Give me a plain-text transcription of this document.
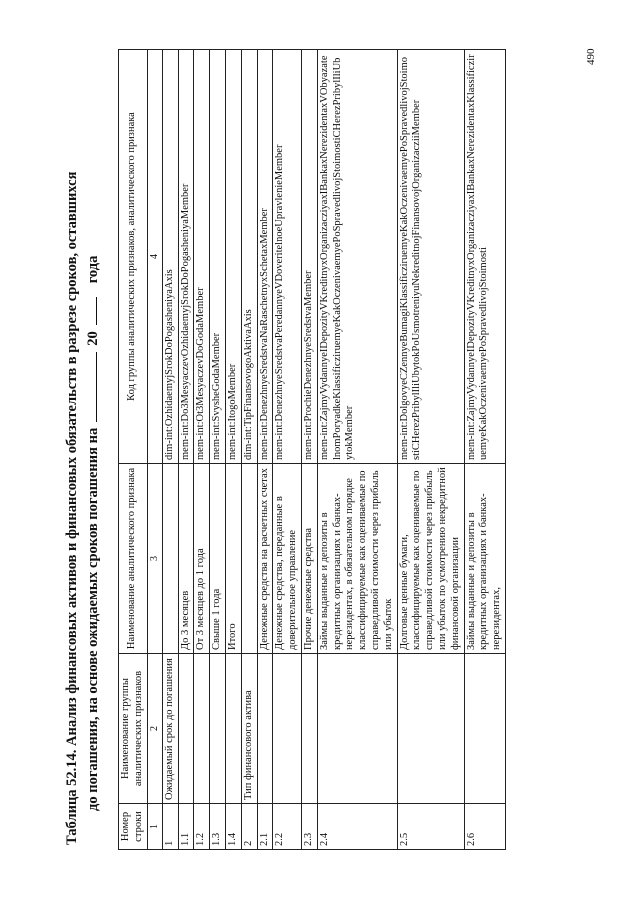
Таблица 52.14. Анализ финансовых активов и финансовых обязательств в разрезе сроков, оставшихся до погашения, на основе ожидаемых сроков погашения на20года
Номер строки	Наименование группы аналитических признаков	Наименование аналитического признака	Код группы аналитических признаков, аналитического признака
1	2	3	4
1	Ожидаемый срок до погашения		dim-int:OzhidaemyjSrokDoPogasheniyaAxis
1.1		До 3 месяцев	mem-int:Do3MesyaczevOzhidaemyjSrokDoPogasheniyaMember
1.2		От 3 месяцев до 1 года	mem-int:Ot3MesyaczevDoGodaMember
1.3		Свыше 1 года	mem-int:SvysheGodaMember
1.4		Итого	mem-int:ItogoMember
2	Тип финансового актива		dim-int:TipFinansovogoAktivaAxis
2.1		Денежные средства на расчетных счетах	mem-int:DenezhnyeSredstvaNaRaschetnyxSchetaxMember
2.2		Денежные средства, переданные в доверительное управление	mem-int:DenezhnyeSredstvaPeredannyeVDoveritelnoeUpravlenieMember
2.3		Прочие денежные средства	mem-int:ProchieDenezhnyeSredstvaMember
2.4		Займы выданные и депозиты в кредитных организациях и банках-нерезидентах, в обязательном порядке классифицируемые как оцениваемые по справедливой стоимости через прибыль или убыток	mem-int:ZajmyVydannyeIDepozityVKreditnyxOrganizacziyaxIBankaxNerezidentaxVObyazatelnomPoryadkeKlassificziruemyeKakOczenivaemyePoSpravedlivojStoimostiCHerezPribylIliUbytokMember
2.5		Долговые ценные бумаги, классифицируемые как оцениваемые по справедливой стоимости через прибыль или убыток по усмотрению некредитной финансовой организации	mem-int:DolgovyeCZennyeBumagiKlassificziruemyeKakOczenivaemyePoSpravedlivojStoimostiCHerezPribylIliUbytokPoUsmotreniyuNekreditnojFinansovojOrganizacziiMember
2.6		Займы выданные и депозиты в кредитных организациях и банках-нерезидентах,	mem-int:ZajmyVydannyeIDepozityVKreditnyxOrganizacziyaxIBankaxNerezidentaxKlassificziruemyeKakOczenivaemyePoSpravedlivojStoimosti
490
